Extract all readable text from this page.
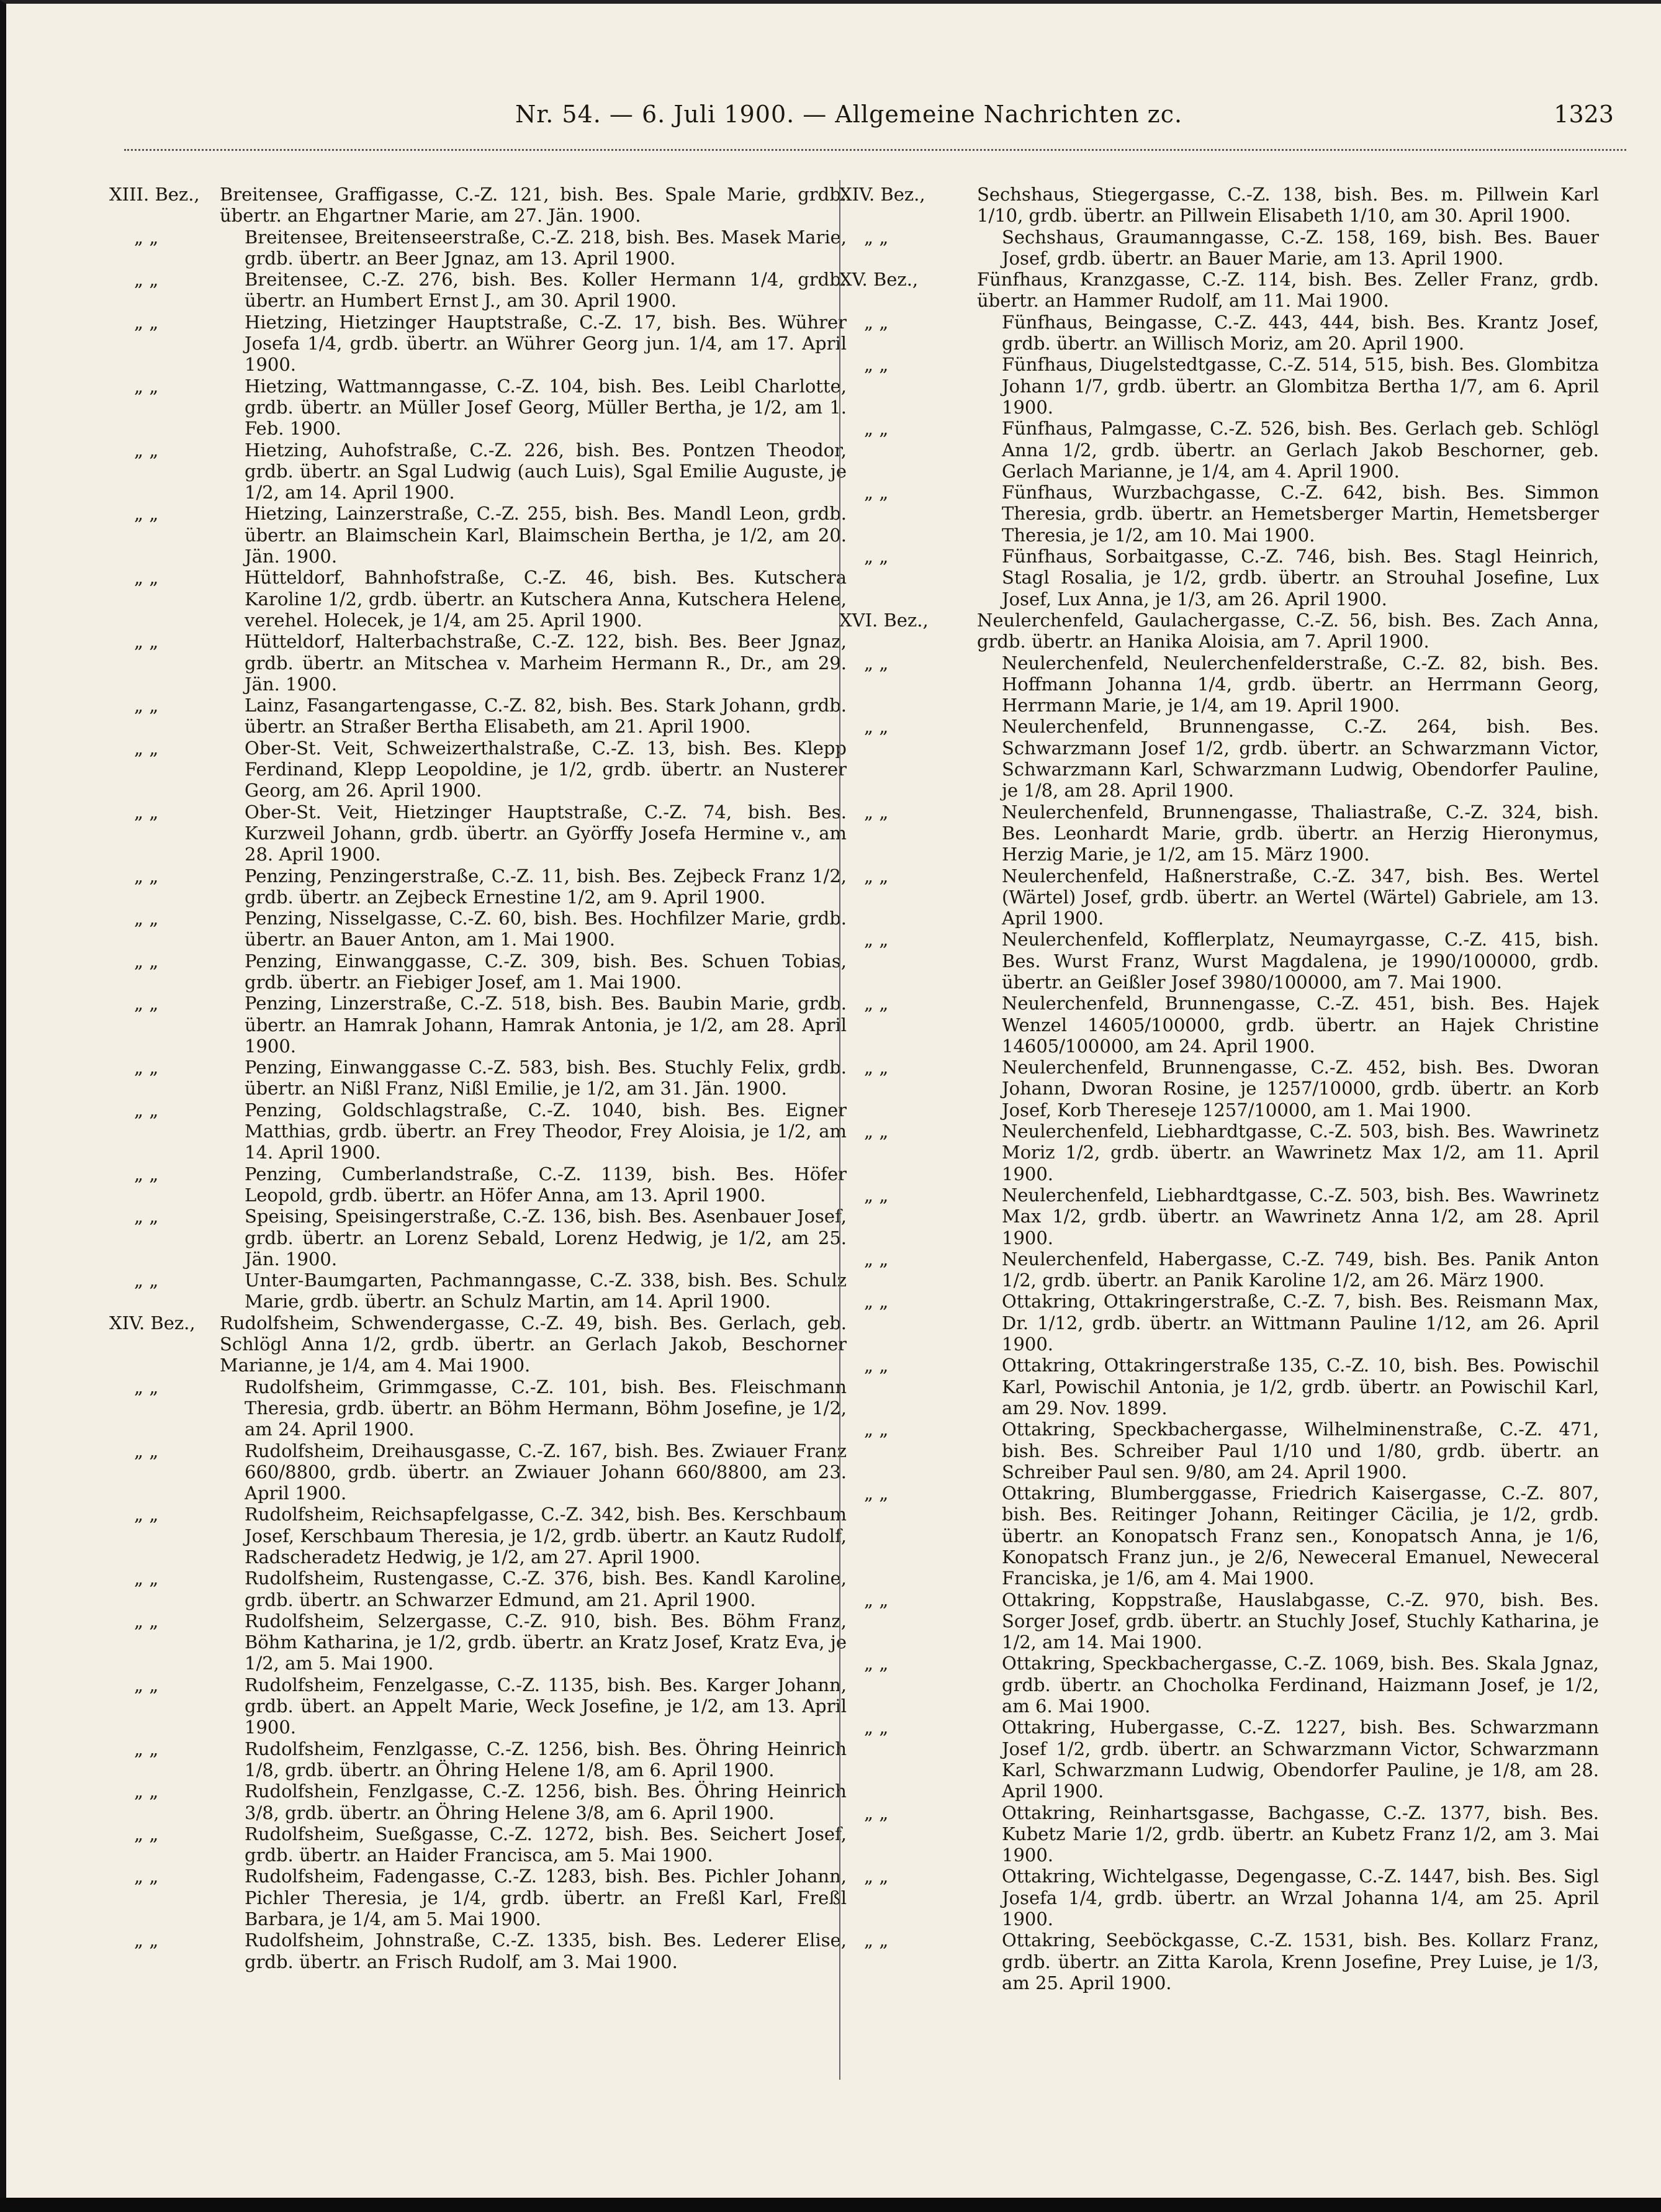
Nr. 54. — 6. Juli 1900. — Allgemeine Nachrichten zc.	1323
XIII. Bez.,	Breitensee, Graffigasse, C.-Z. 121, bish. Bes. Spale Marie, grdb. übertr. an Ehgartner Marie, am 27. Jän. 1900.
„ „	Breitensee, Breitenseerstraße, C.-Z. 218, bish. Bes. Masek Marie, grdb. übertr. an Beer Jgnaz, am 13. April 1900.
„ „	Breitensee, C.-Z. 276, bish. Bes. Koller Hermann 1/4, grdb. übertr. an Humbert Ernst J., am 30. April 1900.
„ „	Hietzing, Hietzinger Hauptstraße, C.-Z. 17, bish. Bes. Wührer Josefa 1/4, grdb. übertr. an Wührer Georg jun. 1/4, am 17. April 1900.
„ „	Hietzing, Wattmanngasse, C.-Z. 104, bish. Bes. Leibl Charlotte, grdb. übertr. an Müller Josef Georg, Müller Bertha, je 1/2, am 1. Feb. 1900.
„ „	Hietzing, Auhofstraße, C.-Z. 226, bish. Bes. Pontzen Theodor, grdb. übertr. an Sgal Ludwig (auch Luis), Sgal Emilie Auguste, je 1/2, am 14. April 1900.
„ „	Hietzing, Lainzerstraße, C.-Z. 255, bish. Bes. Mandl Leon, grdb. übertr. an Blaimschein Karl, Blaimschein Bertha, je 1/2, am 20. Jän. 1900.
„ „	Hütteldorf, Bahnhofstraße, C.-Z. 46, bish. Bes. Kutschera Karoline 1/2, grdb. übertr. an Kutschera Anna, Kutschera Helene, verehel. Holecek, je 1/4, am 25. April 1900.
„ „	Hütteldorf, Halterbachstraße, C.-Z. 122, bish. Bes. Beer Jgnaz, grdb. übertr. an Mitschea v. Marheim Hermann R., Dr., am 29. Jän. 1900.
„ „	Lainz, Fasangartengasse, C.-Z. 82, bish. Bes. Stark Johann, grdb. übertr. an Straßer Bertha Elisabeth, am 21. April 1900.
„ „	Ober-St. Veit, Schweizerthalstraße, C.-Z. 13, bish. Bes. Klepp Ferdinand, Klepp Leopoldine, je 1/2, grdb. übertr. an Nusterer Georg, am 26. April 1900.
„ „	Ober-St. Veit, Hietzinger Hauptstraße, C.-Z. 74, bish. Bes. Kurzweil Johann, grdb. übertr. an Györffy Josefa Hermine v., am 28. April 1900.
„ „	Penzing, Penzingerstraße, C.-Z. 11, bish. Bes. Zejbeck Franz 1/2, grdb. übertr. an Zejbeck Ernestine 1/2, am 9. April 1900.
„ „	Penzing, Nisselgasse, C.-Z. 60, bish. Bes. Hochfilzer Marie, grdb. übertr. an Bauer Anton, am 1. Mai 1900.
„ „	Penzing, Einwanggasse, C.-Z. 309, bish. Bes. Schuen Tobias, grdb. übertr. an Fiebiger Josef, am 1. Mai 1900.
„ „	Penzing, Linzerstraße, C.-Z. 518, bish. Bes. Baubin Marie, grdb. übertr. an Hamrak Johann, Hamrak Antonia, je 1/2, am 28. April 1900.
„ „	Penzing, Einwanggasse C.-Z. 583, bish. Bes. Stuchly Felix, grdb. übertr. an Nißl Franz, Nißl Emilie, je 1/2, am 31. Jän. 1900.
„ „	Penzing, Goldschlagstraße, C.-Z. 1040, bish. Bes. Eigner Matthias, grdb. übertr. an Frey Theodor, Frey Aloisia, je 1/2, am 14. April 1900.
„ „	Penzing, Cumberlandstraße, C.-Z. 1139, bish. Bes. Höfer Leopold, grdb. übertr. an Höfer Anna, am 13. April 1900.
„ „	Speising, Speisingerstraße, C.-Z. 136, bish. Bes. Asenbauer Josef, grdb. übertr. an Lorenz Sebald, Lorenz Hedwig, je 1/2, am 25. Jän. 1900.
„ „	Unter-Baumgarten, Pachmanngasse, C.-Z. 338, bish. Bes. Schulz Marie, grdb. übertr. an Schulz Martin, am 14. April 1900.
XIV. Bez.,	Rudolfsheim, Schwendergasse, C.-Z. 49, bish. Bes. Gerlach, geb. Schlögl Anna 1/2, grdb. übertr. an Gerlach Jakob, Beschorner Marianne, je 1/4, am 4. Mai 1900.
„ „	Rudolfsheim, Grimmgasse, C.-Z. 101, bish. Bes. Fleischmann Theresia, grdb. übertr. an Böhm Hermann, Böhm Josefine, je 1/2, am 24. April 1900.
„ „	Rudolfsheim, Dreihausgasse, C.-Z. 167, bish. Bes. Zwiauer Franz 660/8800, grdb. übertr. an Zwiauer Johann 660/8800, am 23. April 1900.
„ „	Rudolfsheim, Reichsapfelgasse, C.-Z. 342, bish. Bes. Kerschbaum Josef, Kerschbaum Theresia, je 1/2, grdb. übertr. an Kautz Rudolf, Radscheradetz Hedwig, je 1/2, am 27. April 1900.
„ „	Rudolfsheim, Rustengasse, C.-Z. 376, bish. Bes. Kandl Karoline, grdb. übertr. an Schwarzer Edmund, am 21. April 1900.
„ „	Rudolfsheim, Selzergasse, C.-Z. 910, bish. Bes. Böhm Franz, Böhm Katharina, je 1/2, grdb. übertr. an Kratz Josef, Kratz Eva, je 1/2, am 5. Mai 1900.
„ „	Rudolfsheim, Fenzelgasse, C.-Z. 1135, bish. Bes. Karger Johann, grdb. übert. an Appelt Marie, Weck Josefine, je 1/2, am 13. April 1900.
„ „	Rudolfsheim, Fenzlgasse, C.-Z. 1256, bish. Bes. Öhring Heinrich 1/8, grdb. übertr. an Öhring Helene 1/8, am 6. April 1900.
„ „	Rudolfshein, Fenzlgasse, C.-Z. 1256, bish. Bes. Öhring Heinrich 3/8, grdb. übertr. an Öhring Helene 3/8, am 6. April 1900.
„ „	Rudolfsheim, Sueßgasse, C.-Z. 1272, bish. Bes. Seichert Josef, grdb. übertr. an Haider Francisca, am 5. Mai 1900.
„ „	Rudolfsheim, Fadengasse, C.-Z. 1283, bish. Bes. Pichler Johann, Pichler Theresia, je 1/4, grdb. übertr. an Freßl Karl, Freßl Barbara, je 1/4, am 5. Mai 1900.
„ „	Rudolfsheim, Johnstraße, C.-Z. 1335, bish. Bes. Lederer Elise, grdb. übertr. an Frisch Rudolf, am 3. Mai 1900.
XIV. Bez.,	Sechshaus, Stiegergasse, C.-Z. 138, bish. Bes. m. Pillwein Karl 1/10, grdb. übertr. an Pillwein Elisabeth 1/10, am 30. April 1900.
„ „	Sechshaus, Graumanngasse, C.-Z. 158, 169, bish. Bes. Bauer Josef, grdb. übertr. an Bauer Marie, am 13. April 1900.
XV. Bez.,	Fünfhaus, Kranzgasse, C.-Z. 114, bish. Bes. Zeller Franz, grdb. übertr. an Hammer Rudolf, am 11. Mai 1900.
„ „	Fünfhaus, Beingasse, C.-Z. 443, 444, bish. Bes. Krantz Josef, grdb. übertr. an Willisch Moriz, am 20. April 1900.
„ „	Fünfhaus, Diugelstedtgasse, C.-Z. 514, 515, bish. Bes. Glombitza Johann 1/7, grdb. übertr. an Glombitza Bertha 1/7, am 6. April 1900.
„ „	Fünfhaus, Palmgasse, C.-Z. 526, bish. Bes. Gerlach geb. Schlögl Anna 1/2, grdb. übertr. an Gerlach Jakob Beschorner, geb. Gerlach Marianne, je 1/4, am 4. April 1900.
„ „	Fünfhaus, Wurzbachgasse, C.-Z. 642, bish. Bes. Simmon Theresia, grdb. übertr. an Hemetsberger Martin, Hemetsberger Theresia, je 1/2, am 10. Mai 1900.
„ „	Fünfhaus, Sorbaitgasse, C.-Z. 746, bish. Bes. Stagl Heinrich, Stagl Rosalia, je 1/2, grdb. übertr. an Strouhal Josefine, Lux Josef, Lux Anna, je 1/3, am 26. April 1900.
XVI. Bez.,	Neulerchenfeld, Gaulachergasse, C.-Z. 56, bish. Bes. Zach Anna, grdb. übertr. an Hanika Aloisia, am 7. April 1900.
„ „	Neulerchenfeld, Neulerchenfelderstraße, C.-Z. 82, bish. Bes. Hoffmann Johanna 1/4, grdb. übertr. an Herrmann Georg, Herrmann Marie, je 1/4, am 19. April 1900.
„ „	Neulerchenfeld, Brunnengasse, C.-Z. 264, bish. Bes. Schwarzmann Josef 1/2, grdb. übertr. an Schwarzmann Victor, Schwarzmann Karl, Schwarzmann Ludwig, Obendorfer Pauline, je 1/8, am 28. April 1900.
„ „	Neulerchenfeld, Brunnengasse, Thaliastraße, C.-Z. 324, bish. Bes. Leonhardt Marie, grdb. übertr. an Herzig Hieronymus, Herzig Marie, je 1/2, am 15. März 1900.
„ „	Neulerchenfeld, Haßnerstraße, C.-Z. 347, bish. Bes. Wertel (Wärtel) Josef, grdb. übertr. an Wertel (Wärtel) Gabriele, am 13. April 1900.
„ „	Neulerchenfeld, Kofflerplatz, Neumayrgasse, C.-Z. 415, bish. Bes. Wurst Franz, Wurst Magdalena, je 1990/100000, grdb. übertr. an Geißler Josef 3980/100000, am 7. Mai 1900.
„ „	Neulerchenfeld, Brunnengasse, C.-Z. 451, bish. Bes. Hajek Wenzel 14605/100000, grdb. übertr. an Hajek Christine 14605/100000, am 24. April 1900.
„ „	Neulerchenfeld, Brunnengasse, C.-Z. 452, bish. Bes. Dworan Johann, Dworan Rosine, je 1257/10000, grdb. übertr. an Korb Josef, Korb Thereseje 1257/10000, am 1. Mai 1900.
„ „	Neulerchenfeld, Liebhardtgasse, C.-Z. 503, bish. Bes. Wawrinetz Moriz 1/2, grdb. übertr. an Wawrinetz Max 1/2, am 11. April 1900.
„ „	Neulerchenfeld, Liebhardtgasse, C.-Z. 503, bish. Bes. Wawrinetz Max 1/2, grdb. übertr. an Wawrinetz Anna 1/2, am 28. April 1900.
„ „	Neulerchenfeld, Habergasse, C.-Z. 749, bish. Bes. Panik Anton 1/2, grdb. übertr. an Panik Karoline 1/2, am 26. März 1900.
„ „	Ottakring, Ottakringerstraße, C.-Z. 7, bish. Bes. Reismann Max, Dr. 1/12, grdb. übertr. an Wittmann Pauline 1/12, am 26. April 1900.
„ „	Ottakring, Ottakringerstraße 135, C.-Z. 10, bish. Bes. Powischil Karl, Powischil Antonia, je 1/2, grdb. übertr. an Powischil Karl, am 29. Nov. 1899.
„ „	Ottakring, Speckbachergasse, Wilhelminenstraße, C.-Z. 471, bish. Bes. Schreiber Paul 1/10 und 1/80, grdb. übertr. an Schreiber Paul sen. 9/80, am 24. April 1900.
„ „	Ottakring, Blumberggasse, Friedrich Kaisergasse, C.-Z. 807, bish. Bes. Reitinger Johann, Reitinger Cäcilia, je 1/2, grdb. übertr. an Konopatsch Franz sen., Konopatsch Anna, je 1/6, Konopatsch Franz jun., je 2/6, Neweceral Emanuel, Neweceral Franciska, je 1/6, am 4. Mai 1900.
„ „	Ottakring, Koppstraße, Hauslabgasse, C.-Z. 970, bish. Bes. Sorger Josef, grdb. übertr. an Stuchly Josef, Stuchly Katharina, je 1/2, am 14. Mai 1900.
„ „	Ottakring, Speckbachergasse, C.-Z. 1069, bish. Bes. Skala Jgnaz, grdb. übertr. an Chocholka Ferdinand, Haizmann Josef, je 1/2, am 6. Mai 1900.
„ „	Ottakring, Hubergasse, C.-Z. 1227, bish. Bes. Schwarzmann Josef 1/2, grdb. übertr. an Schwarzmann Victor, Schwarzmann Karl, Schwarzmann Ludwig, Obendorfer Pauline, je 1/8, am 28. April 1900.
„ „	Ottakring, Reinhartsgasse, Bachgasse, C.-Z. 1377, bish. Bes. Kubetz Marie 1/2, grdb. übertr. an Kubetz Franz 1/2, am 3. Mai 1900.
„ „	Ottakring, Wichtelgasse, Degengasse, C.-Z. 1447, bish. Bes. Sigl Josefa 1/4, grdb. übertr. an Wrzal Johanna 1/4, am 25. April 1900.
„ „	Ottakring, Seeböckgasse, C.-Z. 1531, bish. Bes. Kollarz Franz, grdb. übertr. an Zitta Karola, Krenn Josefine, Prey Luise, je 1/3, am 25. April 1900.
